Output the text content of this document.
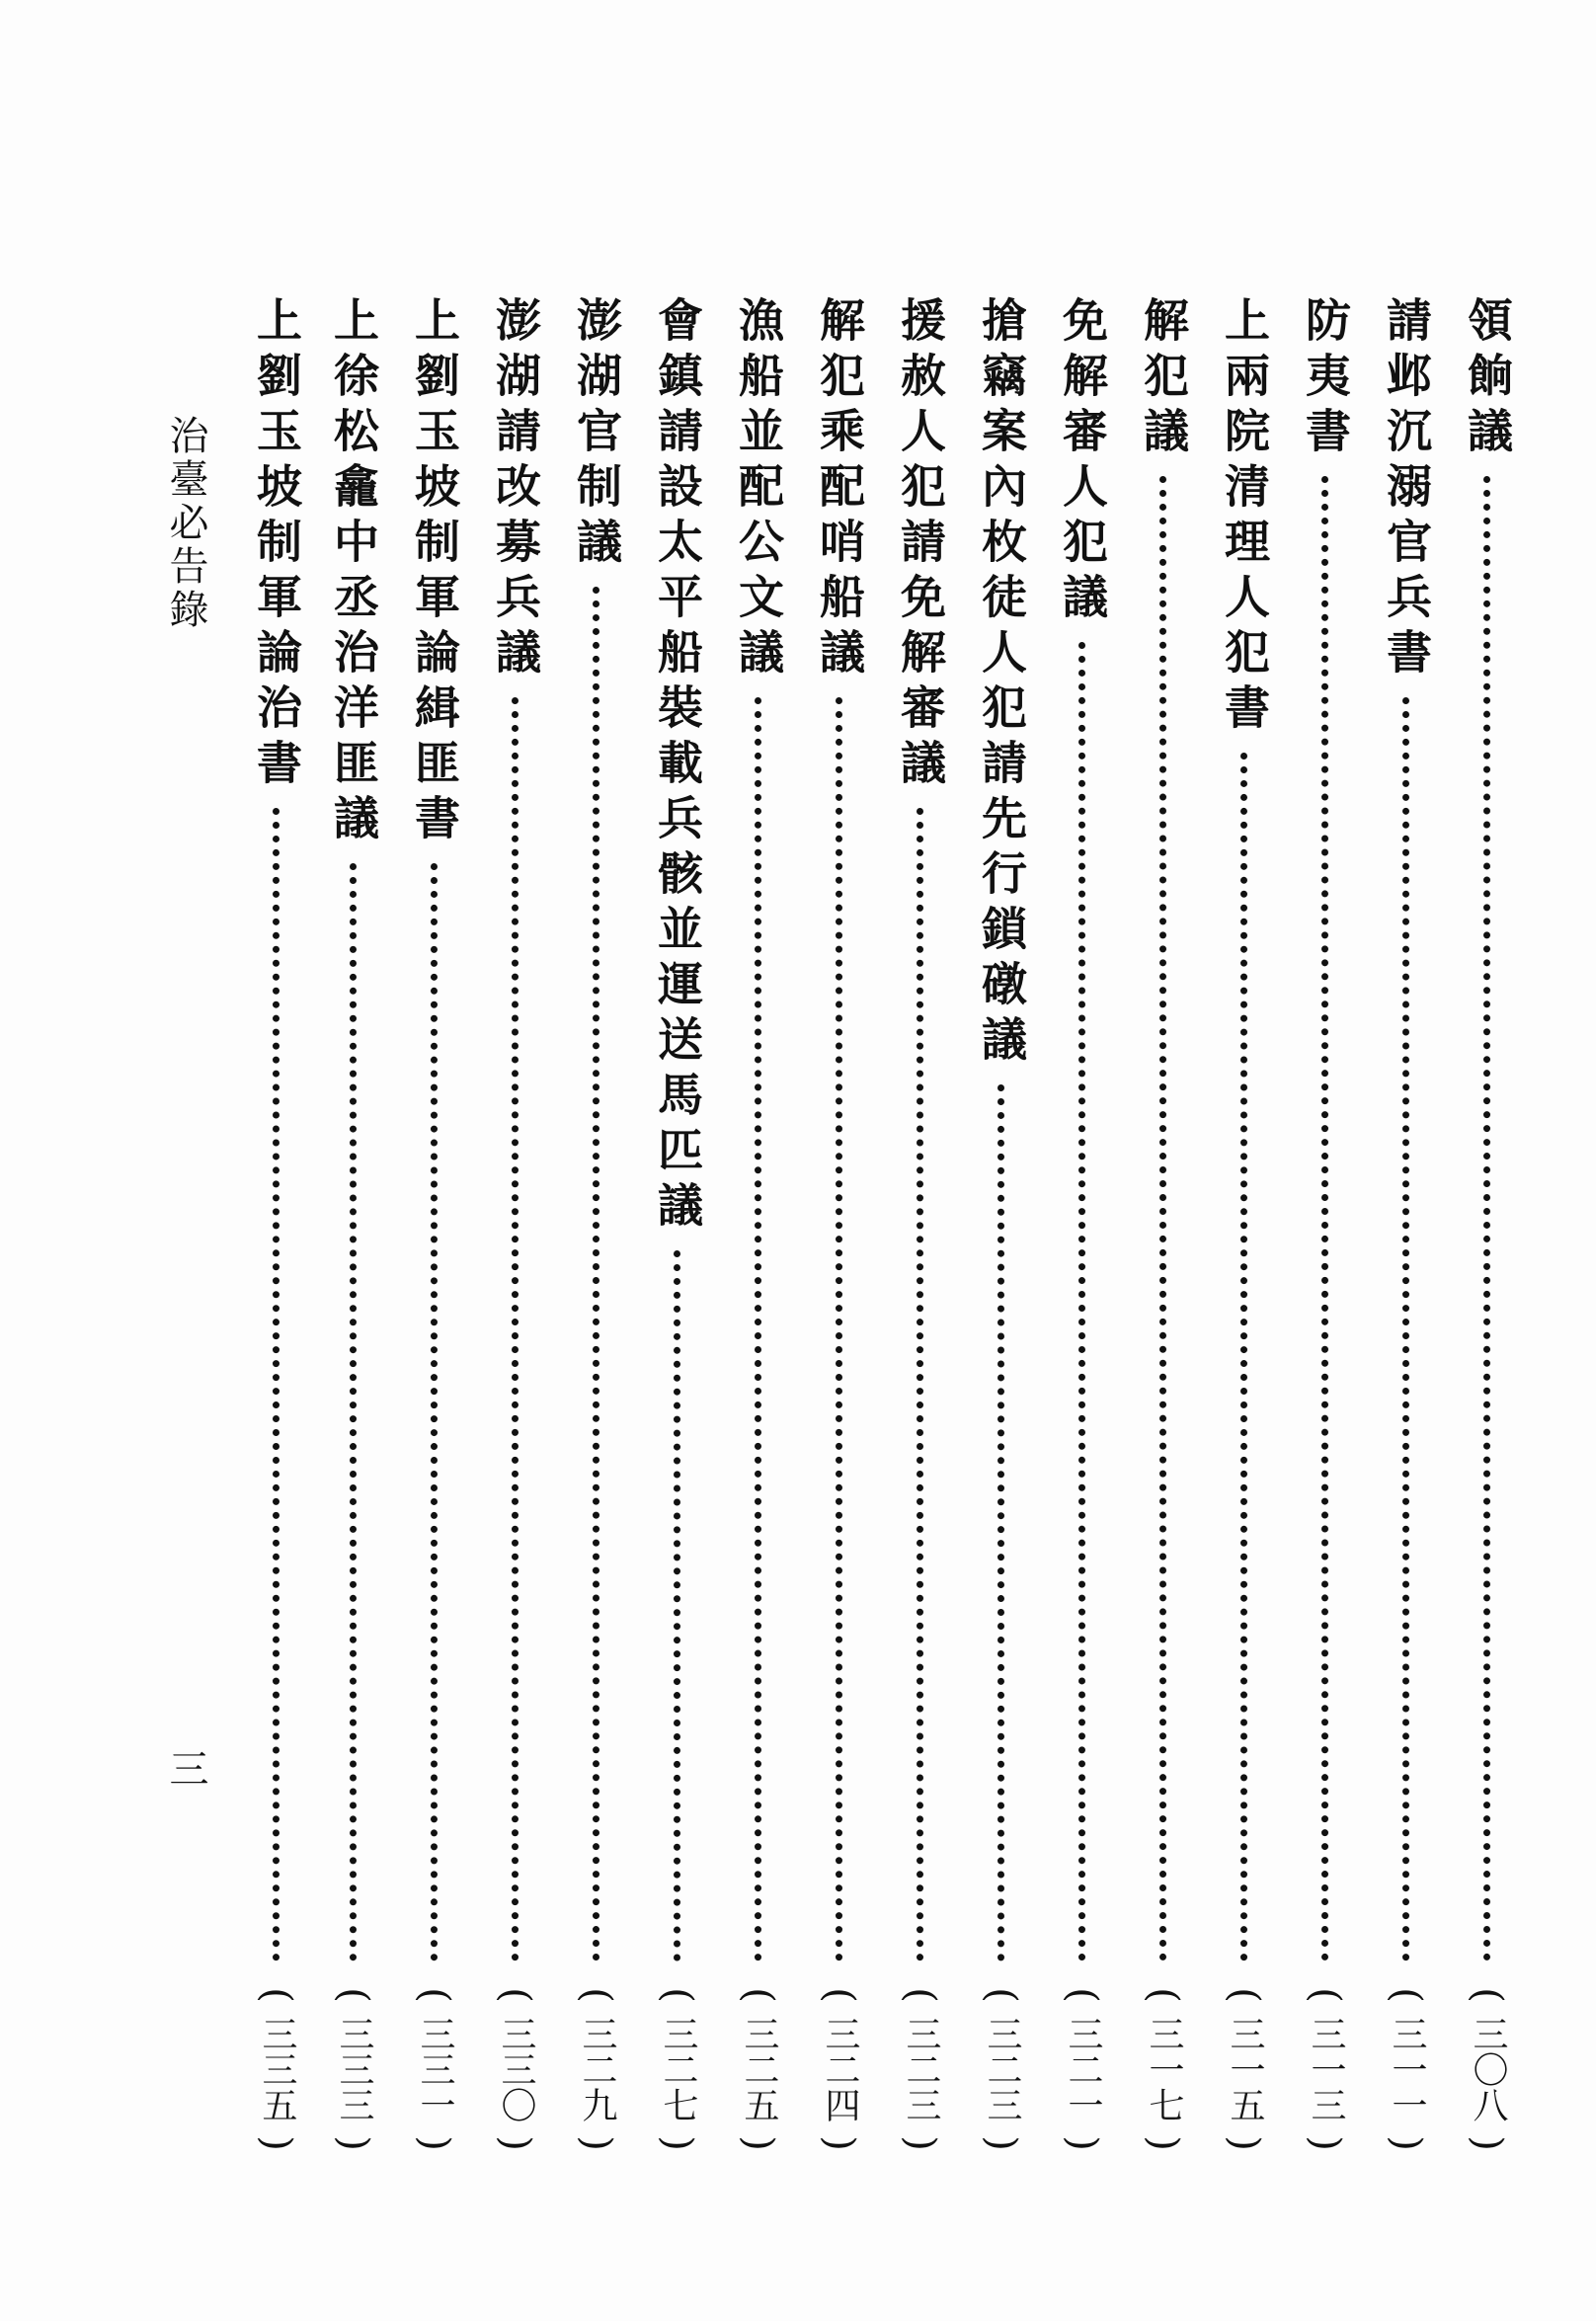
治臺必告錄
三
領餉議
(
三〇八
)
請邺沉溺官兵書
(
三一一
)
防夷書
(
三一三
)
上兩院清理人犯書
(
三一五
)
解犯議
(
三一七
)
免解審人犯議
(
三二一
)
搶竊案內枚徒人犯請先行鎖礅議
(
三二三
)
援赦人犯請免解審議
(
三二三
)
解犯乘配哨船議
(
三二四
)
漁船並配公文議
(
三二五
)
會鎮請設太平船裝載兵骸並運送馬匹議
(
三二七
)
澎湖官制議
(
三二九
)
澎湖請改募兵議
(
三三〇
)
上劉玉坡制軍論緝匪書
(
三三一
)
上徐松龕中丞治洋匪議
(
三三三
)
上劉玉坡制軍論治書
(
三三五
)
